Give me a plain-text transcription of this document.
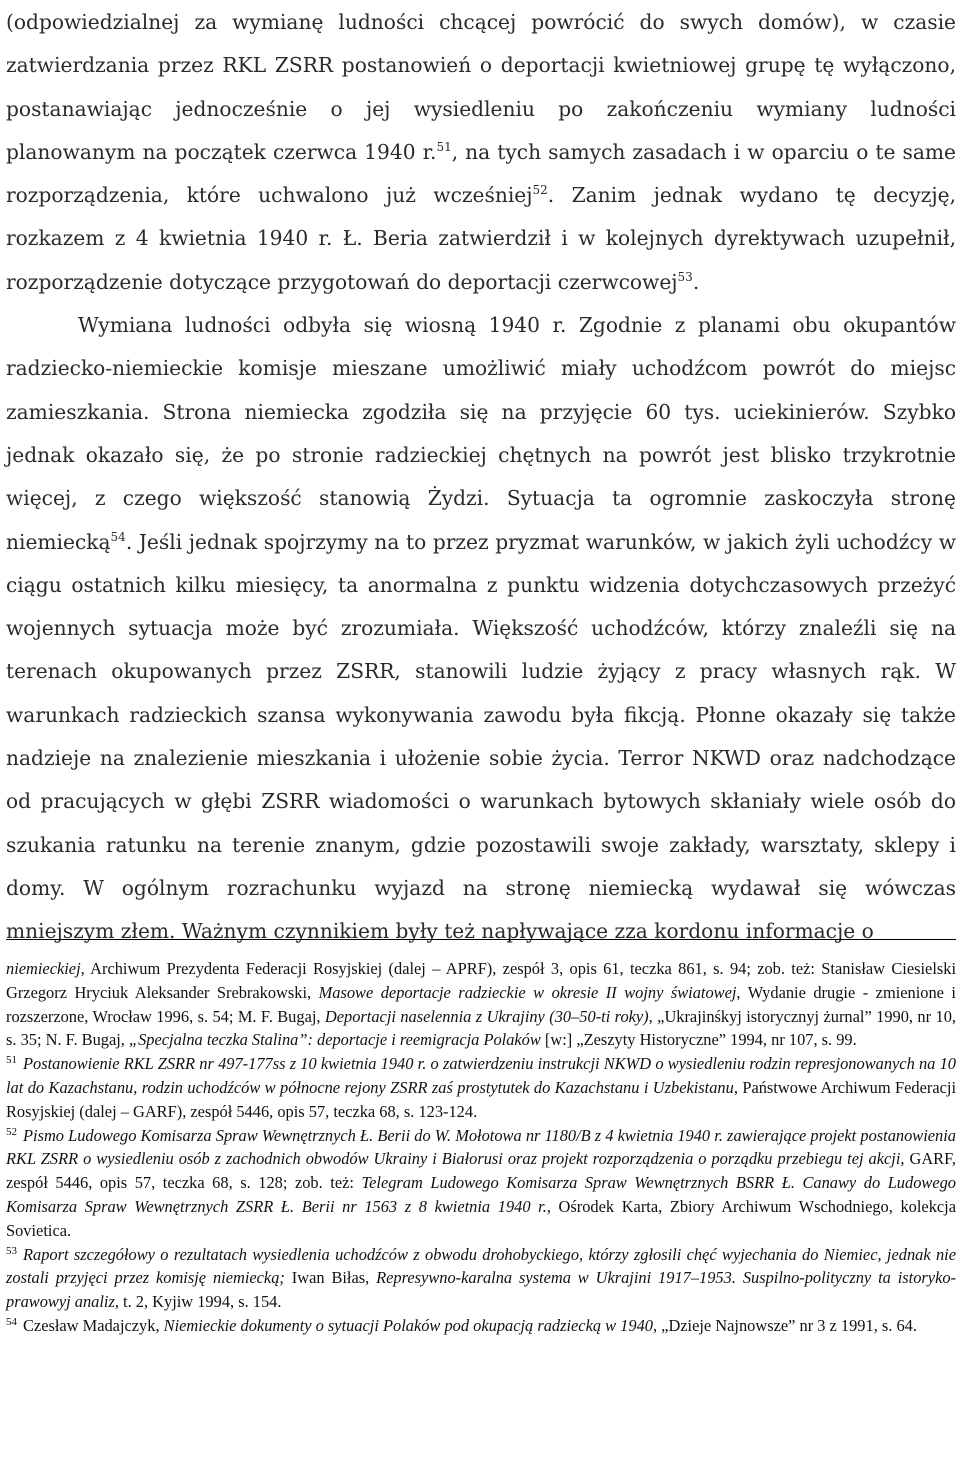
(odpowiedzialnej za wymianę ludności chcącej powrócić do swych domów), w czasie zatwierdzania przez RKL ZSRR postanowień o deportacji kwietniowej grupę tę wyłączono, postanawiając jednocześnie o jej wysiedleniu po zakończeniu wymiany ludności planowanym na początek czerwca 1940 r.$^{51}$, na tych samych zasadach i w oparciu o te same rozporządzenia, które uchwalono już wcześniej$^{52}$. Zanim jednak wydano tę decyzję, rozkazem z 4 kwietnia 1940 r. Ł. Beria zatwierdził i w kolejnych dyrektywach uzupełnił, rozporządzenie dotyczące przygotowań do deportacji czerwcowej$^{53}$.

Wymiana ludności odbyła się wiosną 1940 r. Zgodnie z planami obu okupantów radziecko-niemieckie komisje mieszane umożliwić miały uchodźcom powrót do miejsc zamieszkania. Strona niemiecka zgodziła się na przyjęcie 60 tys. uciekinierów. Szybko jednak okazało się, że po stronie radzieckiej chętnych na powrót jest blisko trzykrotnie więcej, z czego większość stanowią Żydzi. Sytuacja ta ogromnie zaskoczyła stronę niemiecką$^{54}$. Jeśli jednak spojrzymy na to przez pryzmat warunków, w jakich żyli uchodźcy w ciągu ostatnich kilku miesięcy, ta anormalna z punktu widzenia dotychczasowych przeżyć wojennych sytuacja może być zrozumiała. Większość uchodźców, którzy znaleźli się na terenach okupowanych przez ZSRR, stanowili ludzie żyjący z pracy własnych rąk. W warunkach radzieckich szansa wykonywania zawodu była fikcją. Płonne okazały się także nadzieje na znalezienie mieszkania i ułożenie sobie życia. Terror NKWD oraz nadchodzące od pracujących w głębi ZSRR wiadomości o warunkach bytowych skłaniały wiele osób do szukania ratunku na terenie znanym, gdzie pozostawili swoje zakłady, warsztaty, sklepy i domy. W ogólnym rozrachunku wyjazd na stronę niemiecką wydawał się wówczas mniejszym złem. Ważnym czynnikiem były też napływające zza kordonu informacje o

niemieckiej, Archiwum Prezydenta Federacji Rosyjskiej (dalej – APRF), zespół 3, opis 61, teczka 861, s. 94; zob. też: Stanisław Ciesielski Grzegorz Hryciuk Aleksander Srebrakowski, Masowe deportacje radzieckie w okresie II wojny światowej, Wydanie drugie - zmienione i rozszerzone, Wrocław 1996, s. 54; M. F. Bugaj, Deportacji naselennia z Ukrajiny (30–50-ti roky), „Ukrajinśkyj istorycznyj żurnal” 1990, nr 10, s. 35; N. F. Bugaj, „Specjalna teczka Stalina”: deportacje i reemigracja Polaków [w:] „Zeszyty Historyczne” 1994, nr 107, s. 99.

$^{51}$ Postanowienie RKL ZSRR nr 497-177ss z 10 kwietnia 1940 r. o zatwierdzeniu instrukcji NKWD o wysiedleniu rodzin represjonowanych na 10 lat do Kazachstanu, rodzin uchodźców w północne rejony ZSRR zaś prostytutek do Kazachstanu i Uzbekistanu, Państwowe Archiwum Federacji Rosyjskiej (dalej – GARF), zespół 5446, opis 57, teczka 68, s. 123-124.

$^{52}$ Pismo Ludowego Komisarza Spraw Wewnętrznych Ł. Berii do W. Mołotowa nr 1180/B z 4 kwietnia 1940 r. zawierające projekt postanowienia RKL ZSRR o wysiedleniu osób z zachodnich obwodów Ukrainy i Białorusi oraz projekt rozporządzenia o porządku przebiegu tej akcji, GARF, zespół 5446, opis 57, teczka 68, s. 128; zob. też: Telegram Ludowego Komisarza Spraw Wewnętrznych BSRR Ł. Canawy do Ludowego Komisarza Spraw Wewnętrznych ZSRR Ł. Berii nr 1563 z 8 kwietnia 1940 r., Ośrodek Karta, Zbiory Archiwum Wschodniego, kolekcja Sovietica.

$^{53}$ Raport szczegółowy o rezultatach wysiedlenia uchodźców z obwodu drohobyckiego, którzy zgłosili chęć wyjechania do Niemiec, jednak nie zostali przyjęci przez komisję niemiecką; Iwan Biłas, Represywno-karalna systema w Ukrajini 1917–1953. Suspilno-polityczny ta istoryko-prawowyj analiz, t. 2, Kyjiw 1994, s. 154.

$^{54}$ Czesław Madajczyk, Niemieckie dokumenty o sytuacji Polaków pod okupacją radziecką w 1940, „Dzieje Najnowsze” nr 3 z 1991, s. 64.
